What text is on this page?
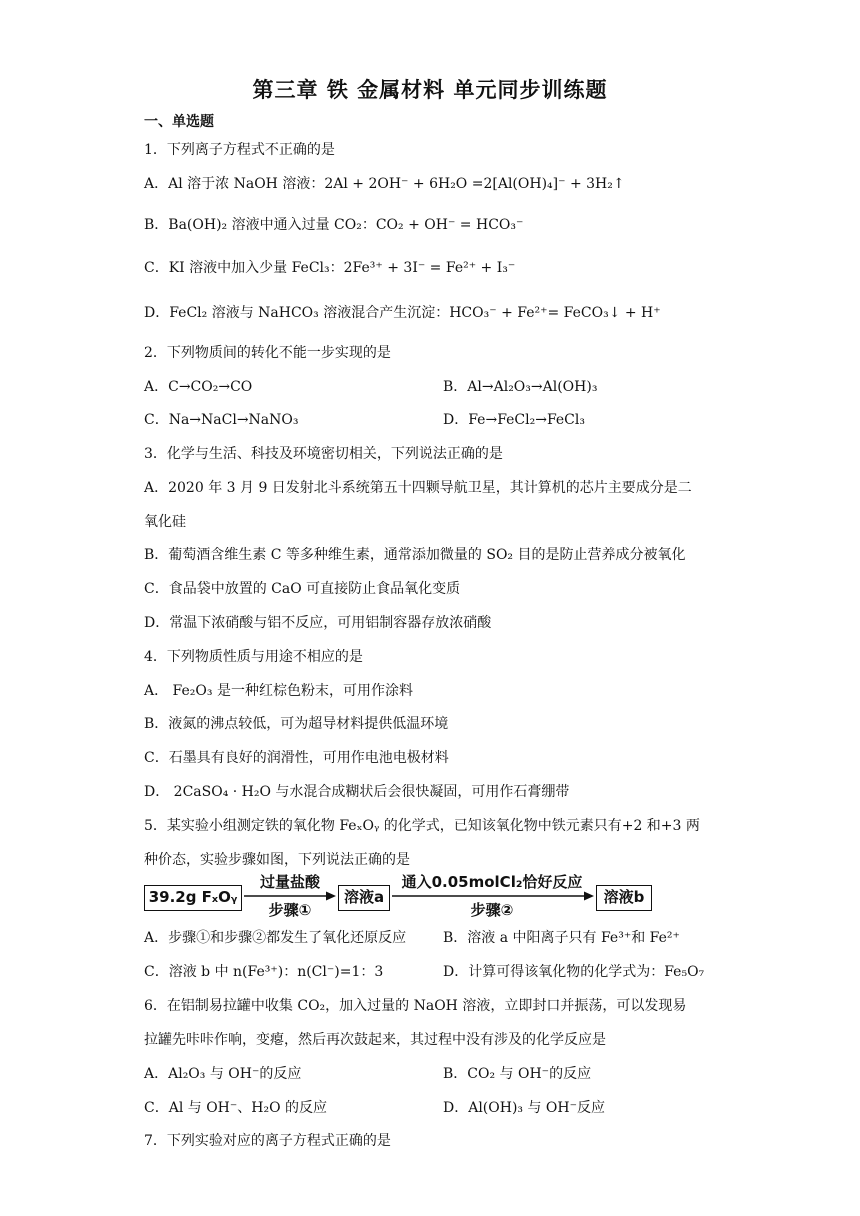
第三章 铁 金属材料 单元同步训练题
一、单选题
1．下列离子方程式不正确的是
A．Al 溶于浓 NaOH 溶液：2Al + 2OH⁻ + 6H₂O =2[Al(OH)₄]⁻ + 3H₂↑
B．Ba(OH)₂ 溶液中通入过量 CO₂：CO₂ + OH⁻ = HCO₃⁻
C．KI 溶液中加入少量 FeCl₃：2Fe³⁺ + 3I⁻ = Fe²⁺ + I₃⁻
D．FeCl₂ 溶液与 NaHCO₃ 溶液混合产生沉淀：HCO₃⁻ + Fe²⁺= FeCO₃↓ + H⁺
2．下列物质间的转化不能一步实现的是
A．C→CO₂→CO	B．Al→Al₂O₃→Al(OH)₃
C．Na→NaCl→NaNO₃	D．Fe→FeCl₂→FeCl₃
3．化学与生活、科技及环境密切相关，下列说法正确的是
A．2020 年 3 月 9 日发射北斗系统第五十四颗导航卫星，其计算机的芯片主要成分是二
氧化硅
B．葡萄酒含维生素 C 等多种维生素，通常添加微量的 SO₂ 目的是防止营养成分被氧化
C．食品袋中放置的 CaO 可直接防止食品氧化变质
D．常温下浓硝酸与铝不反应，可用铝制容器存放浓硝酸
4．下列物质性质与用途不相应的是
A． Fe₂O₃ 是一种红棕色粉末，可用作涂料
B．液氮的沸点较低，可为超导材料提供低温环境
C．石墨具有良好的润滑性，可用作电池电极材料
D． 2CaSO₄ · H₂O 与水混合成糊状后会很快凝固，可用作石膏绷带
5．某实验小组测定铁的氧化物 FeₓOᵧ 的化学式，已知该氧化物中铁元素只有+2 和+3 两
种价态，实验步骤如图，下列说法正确的是
39.2g FₓOᵧ
过量盐酸
步骤①
溶液a
通入0.05molCl₂恰好反应
步骤②
溶液b
A．步骤①和步骤②都发生了氧化还原反应	B．溶液 a 中阳离子只有 Fe³⁺和 Fe²⁺
C．溶液 b 中 n(Fe³⁺)：n(Cl⁻)=1：3	D．计算可得该氧化物的化学式为：Fe₅O₇
6．在铝制易拉罐中收集 CO₂，加入过量的 NaOH 溶液，立即封口并振荡，可以发现易
拉罐先咔咔作响，变瘪，然后再次鼓起来，其过程中没有涉及的化学反应是
A．Al₂O₃ 与 OH⁻的反应	B．CO₂ 与 OH⁻的反应
C．Al 与 OH⁻、H₂O 的反应	D．Al(OH)₃ 与 OH⁻反应
7．下列实验对应的离子方程式正确的是
